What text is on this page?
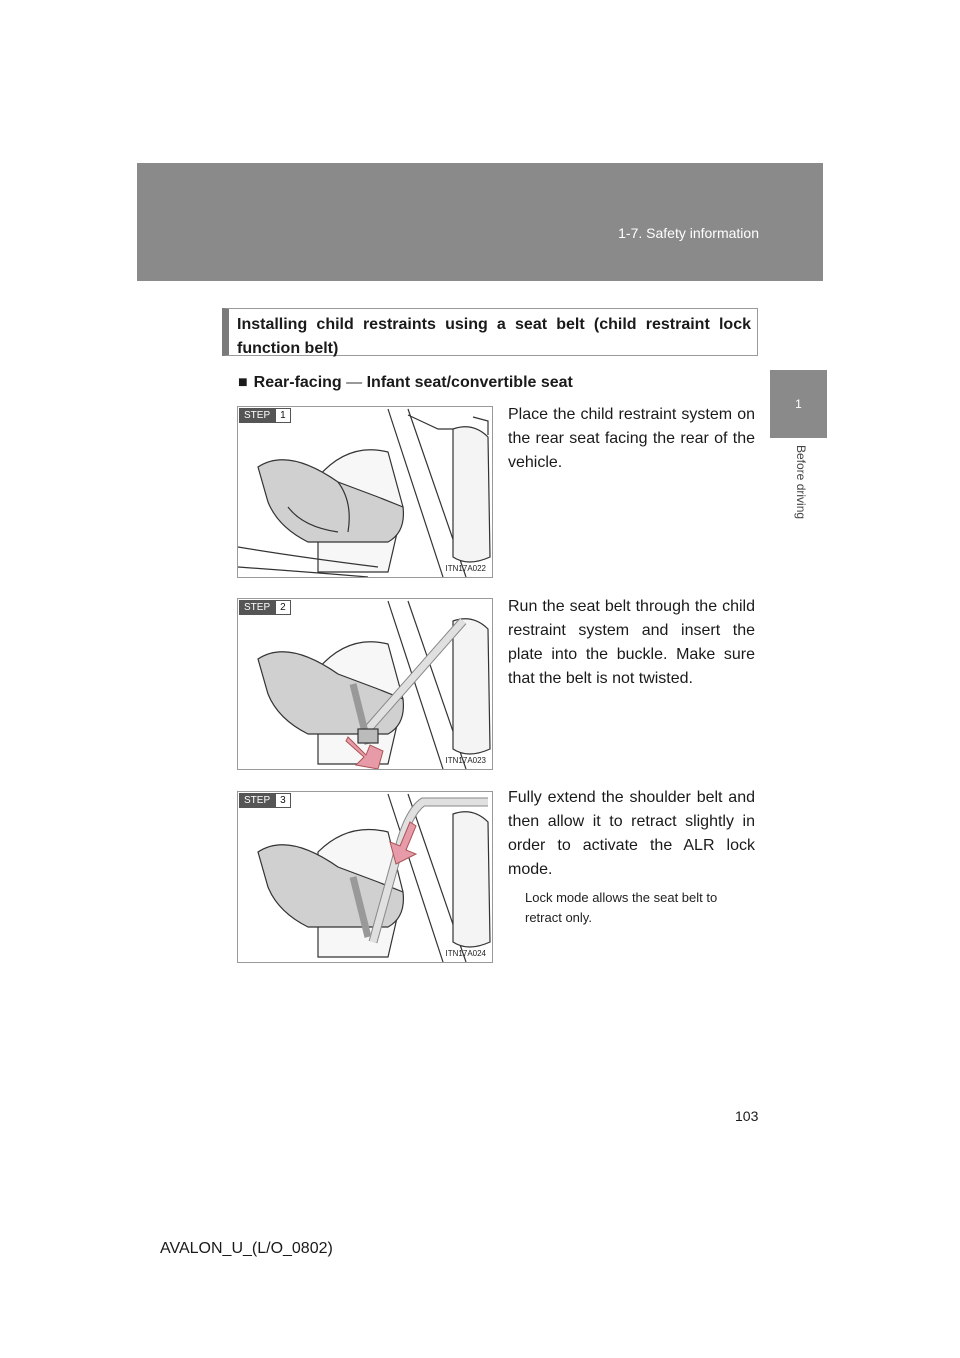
1-7. Safety information
1
Before driving
Installing child restraints using a seat belt (child restraint lock function belt)
■ Rear-facing — Infant seat/convertible seat
STEP	1
ITN17A022
Place the child restraint system on the rear seat facing the rear of the vehicle.
STEP	2
ITN17A023
Run the seat belt through the child restraint system and insert the plate into the buckle. Make sure that the belt is not twisted.
STEP	3
ITN17A024
Fully extend the shoulder belt and then allow it to retract slightly in order to activate the ALR lock mode.
Lock mode allows the seat belt to retract only.
103
AVALON_U_(L/O_0802)
